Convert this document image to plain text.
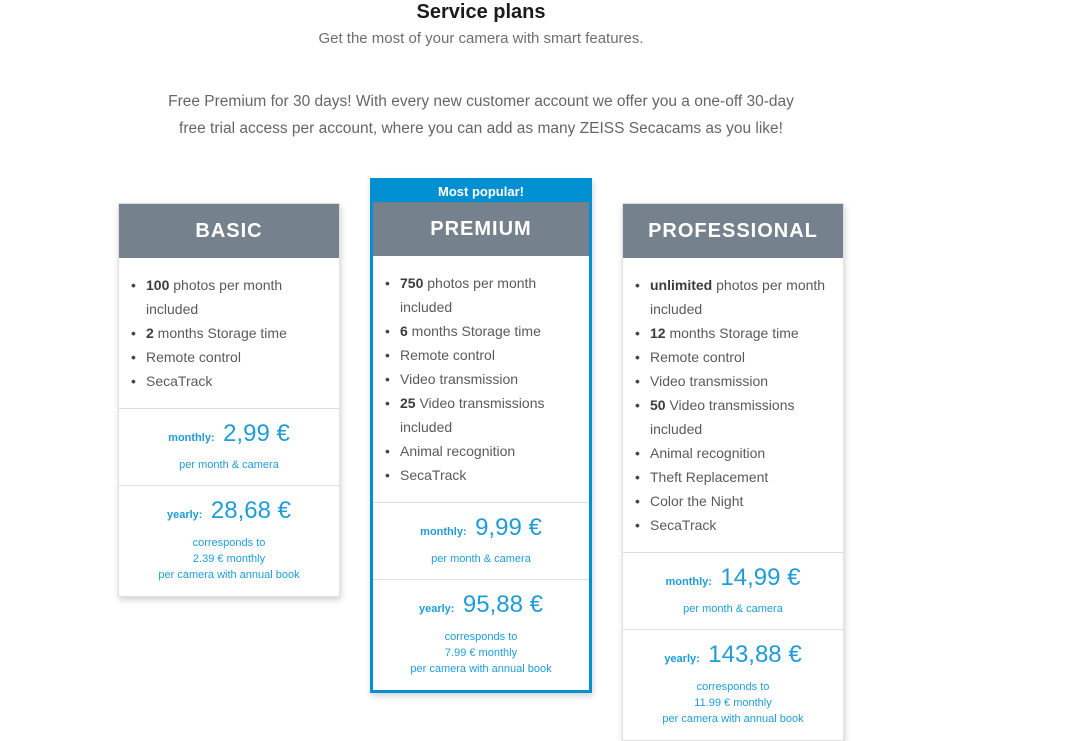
Service plans
Get the most of your camera with smart features.
Free Premium for 30 days! With every new customer account we offer you a one-off 30-day
free trial access per account, where you can add as many ZEISS Secacams as you like!
BASIC
• 100 photos per month included
• 2 months Storage time
• Remote control
• SecaTrack
monthly: 2,99 €
per month & camera
yearly: 28,68 €
corresponds to
2.39 € monthly
per camera with annual book
Most popular!
PREMIUM
• 750 photos per month included
• 6 months Storage time
• Remote control
• Video transmission
• 25 Video transmissions included
• Animal recognition
• SecaTrack
monthly: 9,99 €
per month & camera
yearly: 95,88 €
corresponds to
7.99 € monthly
per camera with annual book
PROFESSIONAL
• unlimited photos per month included
• 12 months Storage time
• Remote control
• Video transmission
• 50 Video transmissions included
• Animal recognition
• Theft Replacement
• Color the Night
• SecaTrack
monthly: 14,99 €
per month & camera
yearly: 143,88 €
corresponds to
11.99 € monthly
per camera with annual book
